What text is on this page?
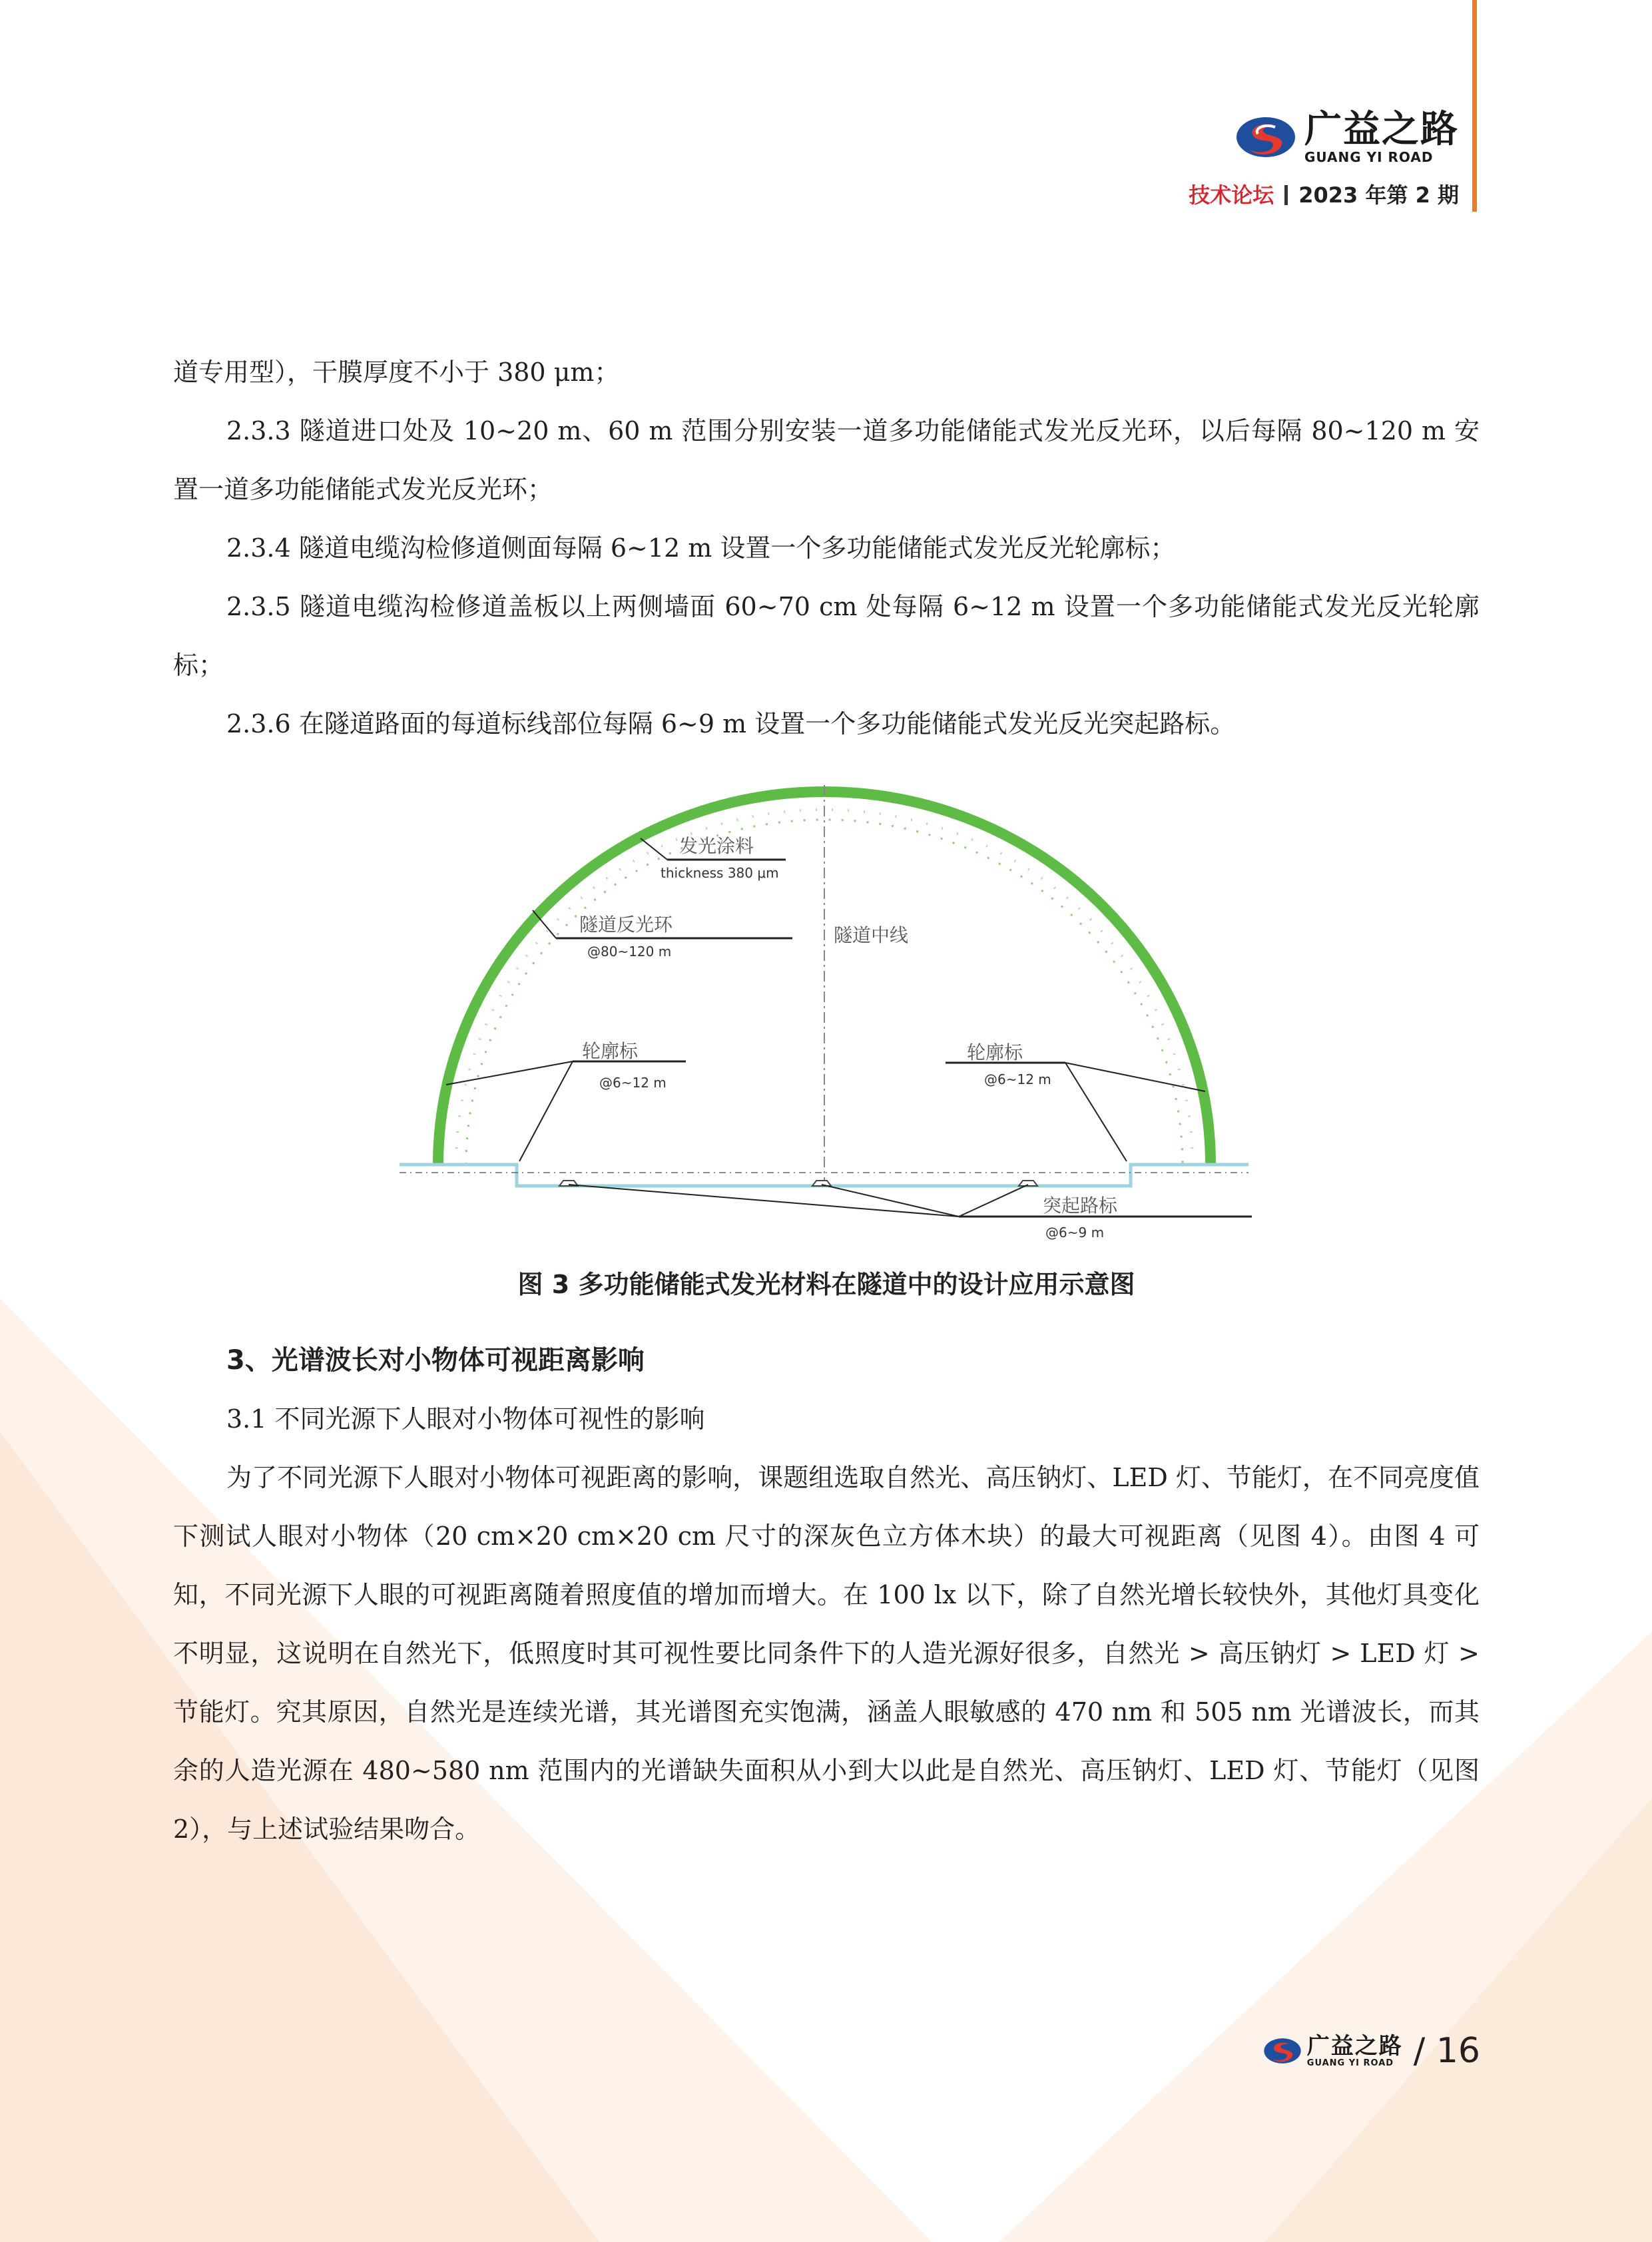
广益之路
GUANG YI ROAD
技术论坛 2023 年第 2 期

道专用型），干膜厚度不小于 380 μm；

2.3.3 隧道进口处及 10~20 m、60 m 范围分别安装一道多功能储能式发光反光环，以后每隔 80~120 m 安置一道多功能储能式发光反光环；

2.3.4 隧道电缆沟检修道侧面每隔 6~12 m 设置一个多功能储能式发光反光轮廓标；

2.3.5 隧道电缆沟检修道盖板以上两侧墙面 60~70 cm 处每隔 6~12 m 设置一个多功能储能式发光反光轮廓标；

2.3.6 在隧道路面的每道标线部位每隔 6~9 m 设置一个多功能储能式发光反光突起路标。

发光涂料
thickness 380 μm
隧道反光环
@80~120 m
隧道中线
轮廓标
@6~12 m
轮廓标
@6~12 m
突起路标
@6~9 m

图 3 多功能储能式发光材料在隧道中的设计应用示意图

3、光谱波长对小物体可视距离影响

3.1 不同光源下人眼对小物体可视性的影响

为了不同光源下人眼对小物体可视距离的影响，课题组选取自然光、高压钠灯、LED 灯、节能灯，在不同亮度值下测试人眼对小物体（20 cm×20 cm×20 cm 尺寸的深灰色立方体木块）的最大可视距离（见图 4）。由图 4 可知，不同光源下人眼的可视距离随着照度值的增加而增大。在 100 lx 以下，除了自然光增长较快外，其他灯具变化不明显，这说明在自然光下，低照度时其可视性要比同条件下的人造光源好很多，自然光 > 高压钠灯 > LED 灯 > 节能灯。究其原因，自然光是连续光谱，其光谱图充实饱满，涵盖人眼敏感的 470 nm 和 505 nm 光谱波长，而其余的人造光源在 480~580 nm 范围内的光谱缺失面积从小到大以此是自然光、高压钠灯、LED 灯、节能灯（见图 2），与上述试验结果吻合。

广益之路
GUANG YI ROAD / 16
